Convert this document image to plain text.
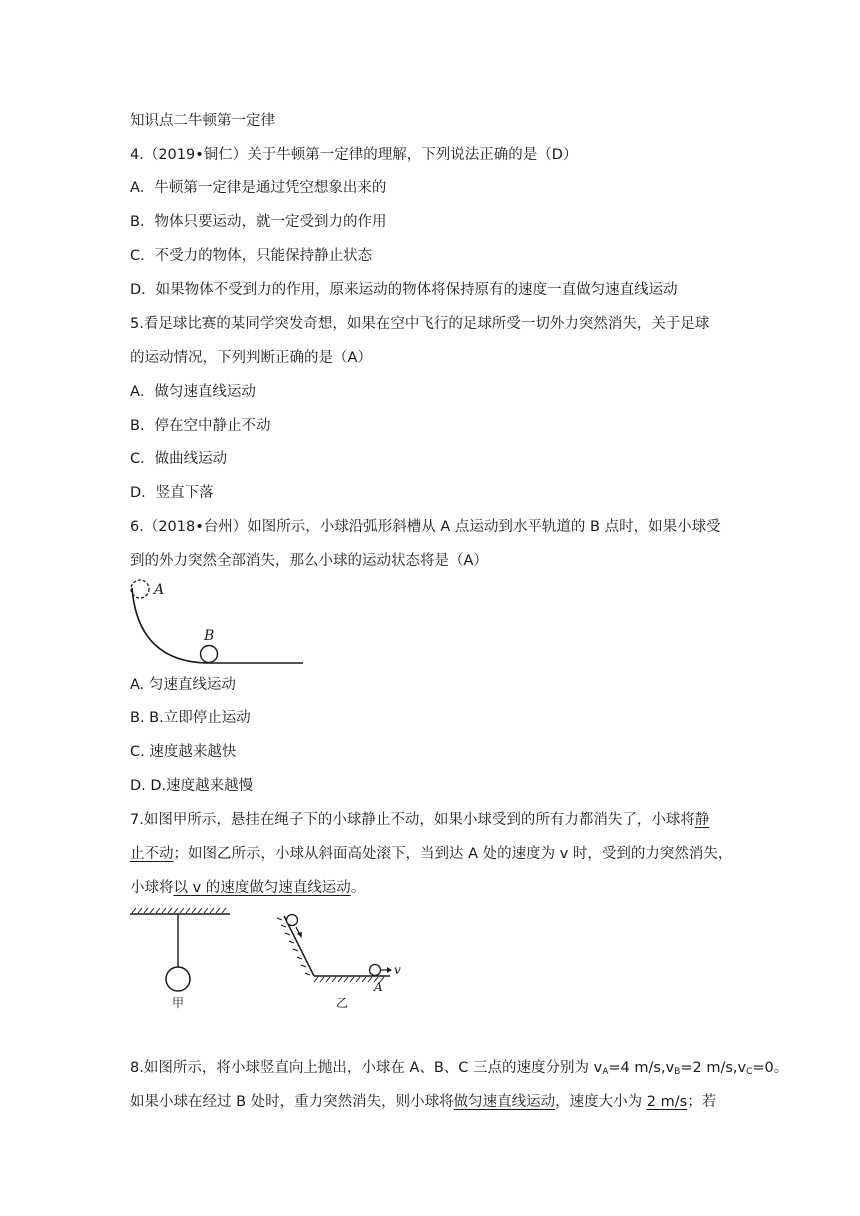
知识点二牛顿第一定律
4.（2019•铜仁）关于牛顿第一定律的理解，下列说法正确的是（D）
A．牛顿第一定律是通过凭空想象出来的
B．物体只要运动，就一定受到力的作用
C．不受力的物体，只能保持静止状态
D．如果物体不受到力的作用，原来运动的物体将保持原有的速度一直做匀速直线运动
5.看足球比赛的某同学突发奇想，如果在空中飞行的足球所受一切外力突然消失，关于足球
的运动情况，下列判断正确的是（A）
A．做匀速直线运动
B．停在空中静止不动
C．做曲线运动
D．竖直下落
6.（2018•台州）如图所示，小球沿弧形斜槽从 A 点运动到水平轨道的 B 点时，如果小球受
到的外力突然全部消失，那么小球的运动状态将是（A）
A
B
A. 匀速直线运动
B. B.立即停止运动
C. 速度越来越快
D. D.速度越来越慢
7.如图甲所示，悬挂在绳子下的小球静止不动，如果小球受到的所有力都消失了，小球将静
止不动；如图乙所示，小球从斜面高处滚下，当到达 A 处的速度为 v 时，受到的力突然消失，
小球将以 v 的速度做匀速直线运动。
甲
v
A
乙
8.如图所示，将小球竖直向上抛出，小球在 A、B、C 三点的速度分别为 $v_A=4$ $m/s,v_B=2$ $m/s,v_C=0$。
如果小球在经过 B 处时，重力突然消失，则小球将做匀速直线运动，速度大小为 2 m/s；若
